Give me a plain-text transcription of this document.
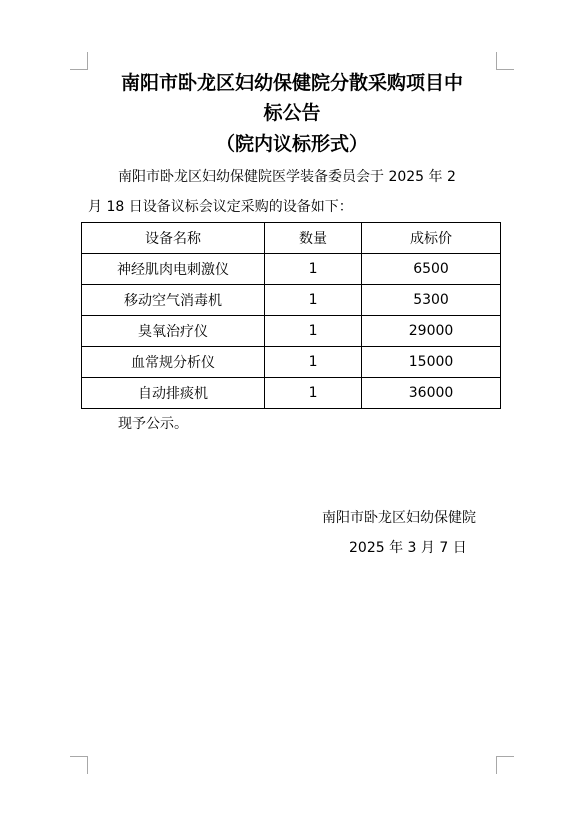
南阳市卧龙区妇幼保健院分散采购项目中
标公告
（院内议标形式）
南阳市卧龙区妇幼保健院医学装备委员会于 2025 年 2
月 18 日设备议标会议定采购的设备如下：
设备名称	数量	成标价
神经肌肉电刺激仪	1	6500
移动空气消毒机	1	5300
臭氧治疗仪	1	29000
血常规分析仪	1	15000
自动排痰机	1	36000
现予公示。
南阳市卧龙区妇幼保健院
2025 年 3 月 7 日
